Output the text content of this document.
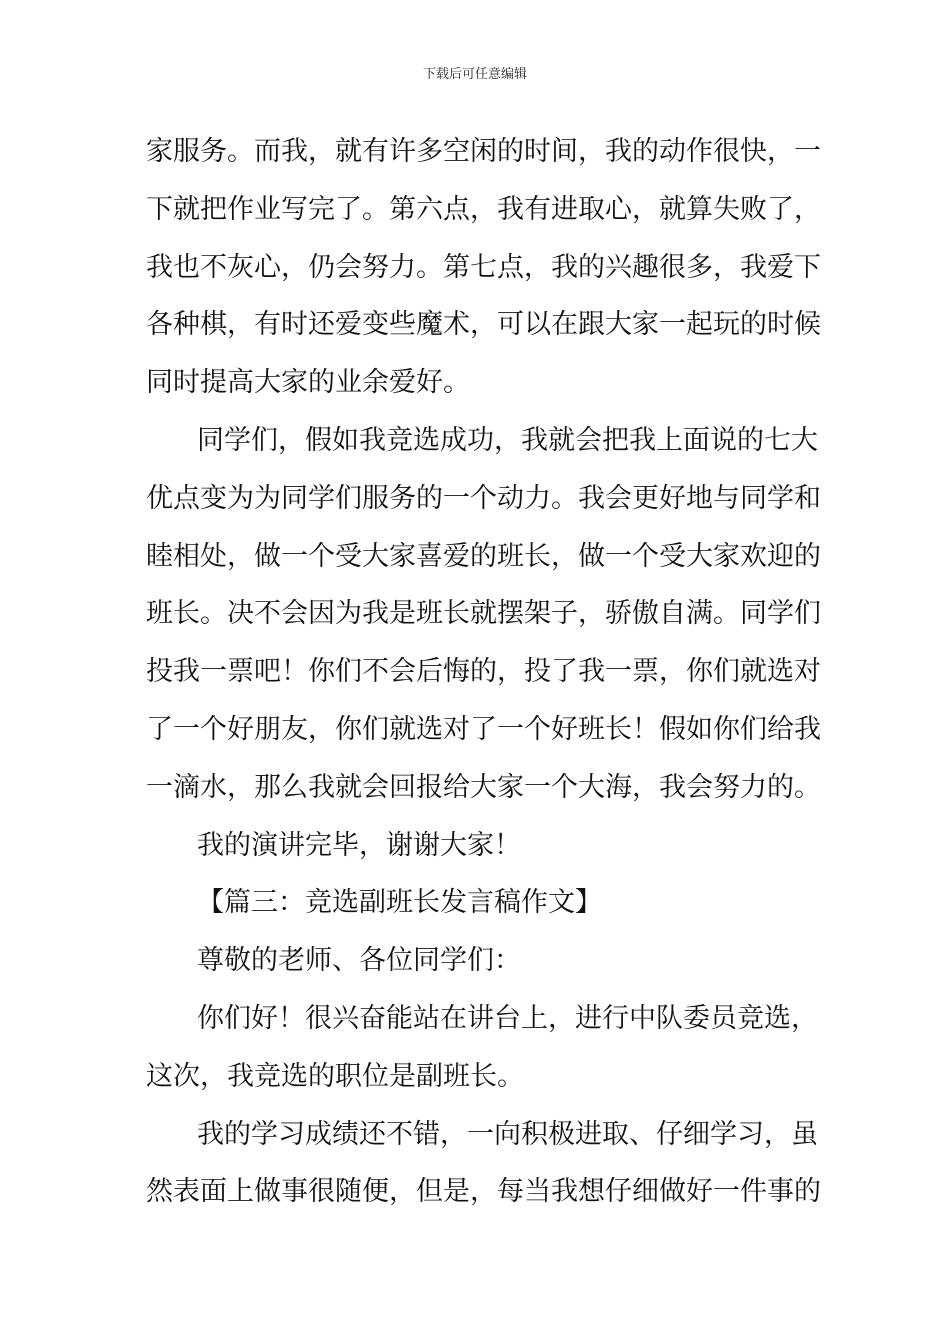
下载后可任意编辑
家服务。而我，就有许多空闲的时间，我的动作很快，一
下就把作业写完了。第六点，我有进取心，就算失败了，
我也不灰心，仍会努力。第七点，我的兴趣很多，我爱下
各种棋，有时还爱变些魔术，可以在跟大家一起玩的时候
同时提高大家的业余爱好。
同学们，假如我竞选成功，我就会把我上面说的七大
优点变为为同学们服务的一个动力。我会更好地与同学和
睦相处，做一个受大家喜爱的班长，做一个受大家欢迎的
班长。决不会因为我是班长就摆架子，骄傲自满。同学们
投我一票吧！你们不会后悔的，投了我一票，你们就选对
了一个好朋友，你们就选对了一个好班长！假如你们给我
一滴水，那么我就会回报给大家一个大海，我会努力的。
我的演讲完毕，谢谢大家！
【篇三：竞选副班长发言稿作文】
尊敬的老师、各位同学们：
你们好！很兴奋能站在讲台上，进行中队委员竞选，
这次，我竞选的职位是副班长。
我的学习成绩还不错，一向积极进取、仔细学习，虽
然表面上做事很随便，但是，每当我想仔细做好一件事的
